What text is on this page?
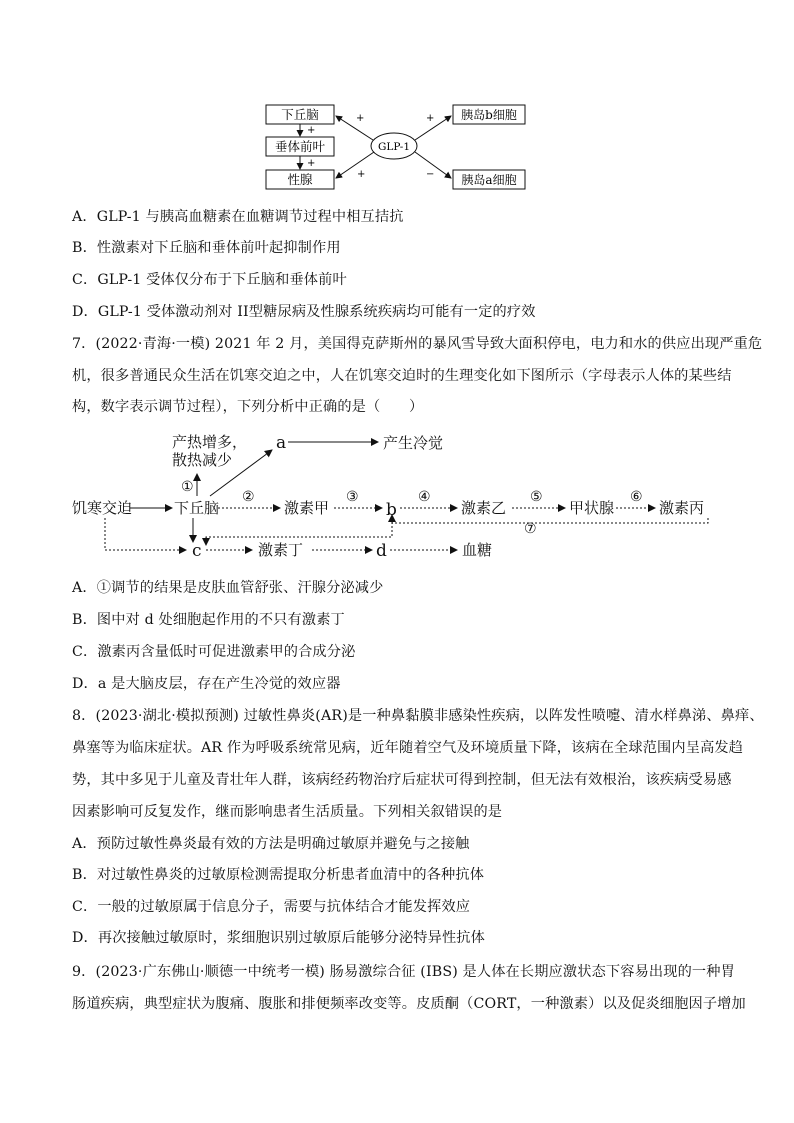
下丘脑
垂体前叶
性腺
胰岛b细胞
胰岛a细胞
GLP-1
+
+
+
+
+
−
A．GLP-1 与胰高血糖素在血糖调节过程中相互拮抗
B．性激素对下丘脑和垂体前叶起抑制作用
C．GLP-1 受体仅分布于下丘脑和垂体前叶
D．GLP-1 受体激动剂对 II型糖尿病及性腺系统疾病均可能有一定的疗效
7．(2022·青海·一模) 2021 年 2 月，美国得克萨斯州的暴风雪导致大面积停电，电力和水的供应出现严重危
机，很多普通民众生活在饥寒交迫之中，人在饥寒交迫时的生理变化如下图所示（字母表示人体的某些结
构，数字表示调节过程），下列分析中正确的是（　　）
产热增多，
散热减少
a	产生冷觉
饥寒交迫	下丘脑	激素甲	b	激素乙	甲状腺	激素丙
c	激素丁	d	血糖
①
②	③	④	⑤	⑥
⑦
A．①调节的结果是皮肤血管舒张、汗腺分泌减少
B．图中对 d 处细胞起作用的不只有激素丁
C．激素丙含量低时可促进激素甲的合成分泌
D．a 是大脑皮层，存在产生冷觉的效应器
8．(2023·湖北·模拟预测) 过敏性鼻炎(AR)是一种鼻黏膜非感染性疾病，以阵发性喷嚏、清水样鼻涕、鼻痒、
鼻塞等为临床症状。AR 作为呼吸系统常见病，近年随着空气及环境质量下降，该病在全球范围内呈高发趋
势，其中多见于儿童及青壮年人群，该病经药物治疗后症状可得到控制，但无法有效根治，该疾病受易感
因素影响可反复发作，继而影响患者生活质量。下列相关叙错误的是
A．预防过敏性鼻炎最有效的方法是明确过敏原并避免与之接触
B．对过敏性鼻炎的过敏原检测需提取分析患者血清中的各种抗体
C．一般的过敏原属于信息分子，需要与抗体结合才能发挥效应
D．再次接触过敏原时，浆细胞识别过敏原后能够分泌特异性抗体
9．(2023·广东佛山·顺德一中统考一模) 肠易激综合征 (IBS) 是人体在长期应激状态下容易出现的一种胃
肠道疾病，典型症状为腹痛、腹胀和排便频率改变等。皮质酮（CORT，一种激素）以及促炎细胞因子增加
